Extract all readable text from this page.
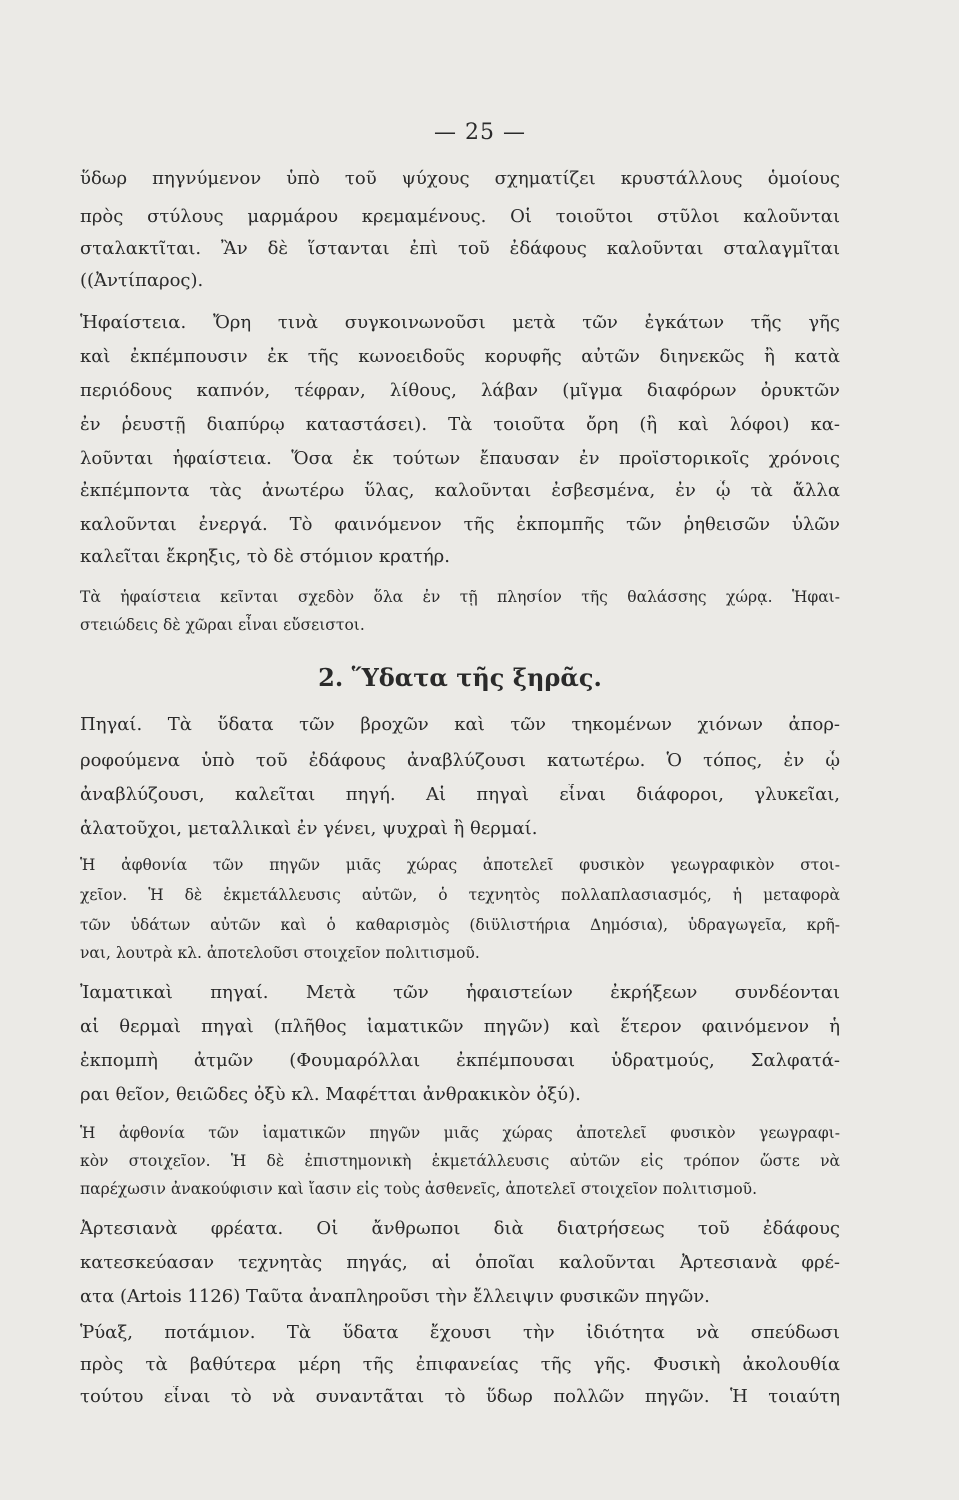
— 25 —
ὕδωρ πηγνύμενον ὑπὸ τοῦ ψύχους σχηματίζει κρυστάλλους ὁμοίους
πρὸς στύλους μαρμάρου κρεμαμένους. Οἱ τοιοῦτοι στῦλοι καλοῦνται
σταλακτῖται. Ἂν δὲ ἵστανται ἐπὶ τοῦ ἐδάφους καλοῦνται σταλαγμῖται
((Ἀντίπαρος).
Ἡφαίστεια. Ὄρη τινὰ συγκοινωνοῦσι μετὰ τῶν ἐγκάτων τῆς γῆς
καὶ ἐκπέμπουσιν ἐκ τῆς κωνοειδοῦς κορυφῆς αὐτῶν διηνεκῶς ἢ κατὰ
περιόδους καπνόν, τέφραν, λίθους, λάβαν (μῖγμα διαφόρων ὀρυκτῶν
ἐν ῥευστῇ διαπύρῳ καταστάσει). Τὰ τοιοῦτα ὄρη (ἢ καὶ λόφοι) κα-
λοῦνται ἡφαίστεια. Ὅσα ἐκ τούτων ἔπαυσαν ἐν προϊστορικοῖς χρόνοις
ἐκπέμποντα τὰς ἀνωτέρω ὕλας, καλοῦνται ἐσβεσμένα, ἐν ᾧ τὰ ἄλλα
καλοῦνται ἐνεργά. Τὸ φαινόμενον τῆς ἐκπομπῆς τῶν ῥηθεισῶν ὑλῶν
καλεῖται ἔκρηξις, τὸ δὲ στόμιον κρατήρ.
Τὰ ἡφαίστεια κεῖνται σχεδὸν ὅλα ἐν τῇ πλησίον τῆς θαλάσσης χώρᾳ. Ἡφαι-
στειώδεις δὲ χῶραι εἶναι εὔσειστοι.
2. Ὕδατα τῆς ξηρᾶς.
Πηγαί. Τὰ ὕδατα τῶν βροχῶν καὶ τῶν τηκομένων χιόνων ἀπορ-
ροφούμενα ὑπὸ τοῦ ἐδάφους ἀναβλύζουσι κατωτέρω. Ὁ τόπος, ἐν ᾧ
ἀναβλύζουσι, καλεῖται πηγή. Αἱ πηγαὶ εἶναι διάφοροι, γλυκεῖαι,
ἁλατοῦχοι, μεταλλικαὶ ἐν γένει, ψυχραὶ ἢ θερμαί.
Ἡ ἀφθονία τῶν πηγῶν μιᾶς χώρας ἀποτελεῖ φυσικὸν γεωγραφικὸν στοι-
χεῖον. Ἡ δὲ ἐκμετάλλευσις αὐτῶν, ὁ τεχνητὸς πολλαπλασιασμός, ἡ μεταφορὰ
τῶν ὑδάτων αὐτῶν καὶ ὁ καθαρισμὸς (διϋλιστήρια Δημόσια), ὑδραγωγεῖα, κρῆ-
ναι, λουτρὰ κλ. ἀποτελοῦσι στοιχεῖον πολιτισμοῦ.
Ἰαματικαὶ πηγαί. Μετὰ τῶν ἡφαιστείων ἐκρήξεων συνδέονται
αἱ θερμαὶ πηγαὶ (πλῆθος ἰαματικῶν πηγῶν) καὶ ἕτερον φαινόμενον ἡ
ἐκπομπὴ ἀτμῶν (Φουμαρόλλαι ἐκπέμπουσαι ὑδρατμούς, Σαλφατά-
ραι θεῖον, θειῶδες ὀξὺ κλ. Μαφέτται ἀνθρακικὸν ὀξύ).
Ἡ ἀφθονία τῶν ἰαματικῶν πηγῶν μιᾶς χώρας ἀποτελεῖ φυσικὸν γεωγραφι-
κὸν στοιχεῖον. Ἡ δὲ ἐπιστημονικὴ ἐκμετάλλευσις αὐτῶν εἰς τρόπον ὥστε νὰ
παρέχωσιν ἀνακούφισιν καὶ ἴασιν εἰς τοὺς ἀσθενεῖς, ἀποτελεῖ στοιχεῖον πολιτισμοῦ.
Ἀρτεσιανὰ φρέατα. Οἱ ἄνθρωποι διὰ διατρήσεως τοῦ ἐδάφους
κατεσκεύασαν τεχνητὰς πηγάς, αἱ ὁποῖαι καλοῦνται Ἀρτεσιανὰ φρέ-
ατα (Artois 1126) Ταῦτα ἀναπληροῦσι τὴν ἔλλειψιν φυσικῶν πηγῶν.
Ῥύαξ, ποτάμιον. Τὰ ὕδατα ἔχουσι τὴν ἰδιότητα νὰ σπεύδωσι
πρὸς τὰ βαθύτερα μέρη τῆς ἐπιφανείας τῆς γῆς. Φυσικὴ ἀκολουθία
τούτου εἶναι τὸ νὰ συναντᾶται τὸ ὕδωρ πολλῶν πηγῶν. Ἡ τοιαύτη
